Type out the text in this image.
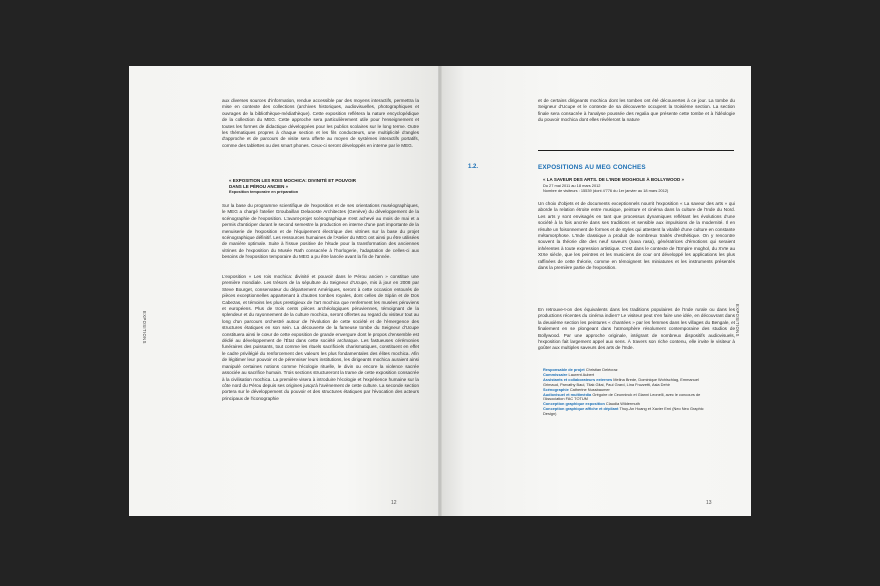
EXPOSITIONS

aux diverses sources d'information, rendue accessible par des moyens interactifs, permettra la mise en contexte des collections (archives historiques, audiovisuelles, photographiques et ouvrages de la bibliothèque-médiathèque). Cette exposition reflètera la nature encyclopédique de la collection du MEG. Cette approche sera particulièrement utile pour l'enseignement et toutes les formes de didactique développées pour les publics scolaires sur le long terme. Outre les thématiques propres à chaque section et les fils conducteurs, une multiplicité d'angles d'approche et de parcours de visite sera offerte au moyen de systèmes interactifs portatifs, comme des tablettes ou des smart phones. Ceux-ci seront développés en interne par le MEG.

« EXPOSITION LES ROIS MOCHICA: DIVINITÉ ET POUVOIR
DANS LE PÉROU ANCIEN »
Exposition temporaire en préparation

Sur la base du programme scientifique de l'exposition et de ses orientations muséographiques, le MEG a chargé l'atelier Groubaillan Delaooste Architectes (Genève) du développement de la scénographie de l'exposition. L'avant-projet scénographique s'est achevé au mois de mai et a permis d'anticiper durant le second semestre la production en interne d'une part importante de la menuiserie de l'exposition et de l'équipement électrique des vitrines sur la base du projet scénographique définitif. Les ressources humaines de l'Atelier du MEG ont ainsi pu être utilisées de manière optimale. Suite à l'issue positive de l'étude pour la transformation des anciennes vitrines de l'exposition du Musée Rath consacrée à l'horlogerie, l'adaptation de celles-ci aux besoins de l'exposition temporaire du MEG a pu être lancée avant la fin de l'année.

L'exposition « Les rois mochica: divinité et pouvoir dans le Pérou ancien » constitue une première mondiale. Les trésors de la sépulture du Seigneur d'Ucupe, mis à jour en 2008 par Steve Bourget, conservateur du département Amériques, seront à cette occasion entourés de pièces exceptionnelles appartenant à d'autres tombes royales, dont celles de Sipán et de Dos Cabezas, et témoins les plus prestigieux de l'art mochica que renferment les musées péruviens et européens. Plus de trois cents pièces archéologiques péruviennes, témoignant de la splendeur et du rayonnement de la culture mochica, seront offertes au regard du visiteur tout au long d'un parcours orchestré autour de l'évolution de cette société et de l'émergence des structures étatiques en son sein. La découverte de la fameuse tombe du Seigneur d'Ucupe constituera ainsi le cœur de cette exposition de grande envergure dont le propos d'ensemble est dédié au développement de l'État dans cette société archaïque. Les fastueuses cérémonies funéraires des puissants, tout comme les rituels sacrificiels charismatiques, constituent en effet le cadre privilégié du renforcement des valeurs les plus fondamentales des élites mochica. Afin de légitimer leur pouvoir et de pérenniser leurs institutions, les dirigeants mochica auraient ainsi manipulé certaines notions comme l'écologie rituelle, le divin ou encore la violence sacrée associée au sacrifice humain. Trois sections structureront la trame de cette exposition consacrée à la civilisation mochica. La première visera à introduire l'écologie et l'expérience humaine sur la côte nord du Pérou depuis ses origines jusqu'à l'avènement de cette culture. La seconde section portera sur le développement du pouvoir et des structures étatiques par l'évocation des acteurs principaux de l'iconographie

12

et de certains dirigeants mochica dont les tombes ont été découvertes à ce jour. La tombe du Seigneur d'Ucupe et le contexte de sa découverte occupent la troisième section. La section finale sera consacrée à l'analyse poussée des regalia que présente cette tombe et à l'idéologie du pouvoir mochica dont elles révèleront la nature

1.2.	EXPOSITIONS AU MEG CONCHES
« LA SAVEUR DES ARTS. DE L'INDE MOGHOLE À BOLLYWOOD »
Du 27 mai 2011 au 18 mars 2012
Nombre de visiteurs : 15539 (dont 4'776 du 1er janvier au 18 mars 2012)

Un choix d'objets et de documents exceptionnels nourrit l'exposition « La saveur des arts » qui aborde la relation étroite entre musique, peinture et cinéma dans la culture de l'Inde du Nord. Les arts y sont envisagés en tant que processus dynamiques reflétant les évolutions d'une société à la fois ancrée dans ses traditions et sensible aux impulsions de la modernité. Il en résulte un foisonnement de formes et de styles qui attestent la vitalité d'une culture en constante métamorphose. L'Inde classique a produit de nombreux traités d'esthétique. On y rencontre souvent la théorie dite des neuf saveurs (nava rasa), génératrices d'émotions qui seraient inhérentes à toute expression artistique. C'est dans le contexte de l'Empire moghol, du XVIe au XIXe siècle, que les peintres et les musiciens de cour ont développé les applications les plus raffinées de cette théorie, comme en témoignent les miniatures et les instruments présentés dans la première partie de l'exposition.

En retrouve-t-on des équivalents dans les traditions populaires de l'Inde rurale ou dans les productions récentes du cinéma indien? Le visiteur peut s'en faire une idée, en découvrant dans la deuxième section les peintures « chantées » par les femmes dans les villages du Bengale, et finalement en se plongeant dans l'atmosphère résolument contemporaine des studios de Bollywood. Par une approche originale, intégrant de nombreux dispositifs audiovisuels, l'exposition fait largement appel aux sens. À travers son riche contenu, elle invite le visiteur à goûter aux multiples saveurs des arts de l'Inde.

Responsable de projet Christian Delécraz
Commissaire Laurent Aubert
Assistants et collaborateurs externes Melina Brede, Dominique Wohlschlag, Emmanuel Grimaud, Parvathy Baul, Tilak Gitai, Paul Grard, Lina Fruzzetti, Asia Dehir
Scénographie Catherine Nussbaumer
Audiovisuel et multimédia Grégoire de Ceunninck et Gianni Leonelli, avec le concours de l'Association FAC TOTUM
Conception graphique exposition Claudia Wildermuth
Conception graphique affiche et dépliant Thuy-An Hoang et Xavier Erni (Neo Neo Graphic Design)
EXPOSITIONS
13
